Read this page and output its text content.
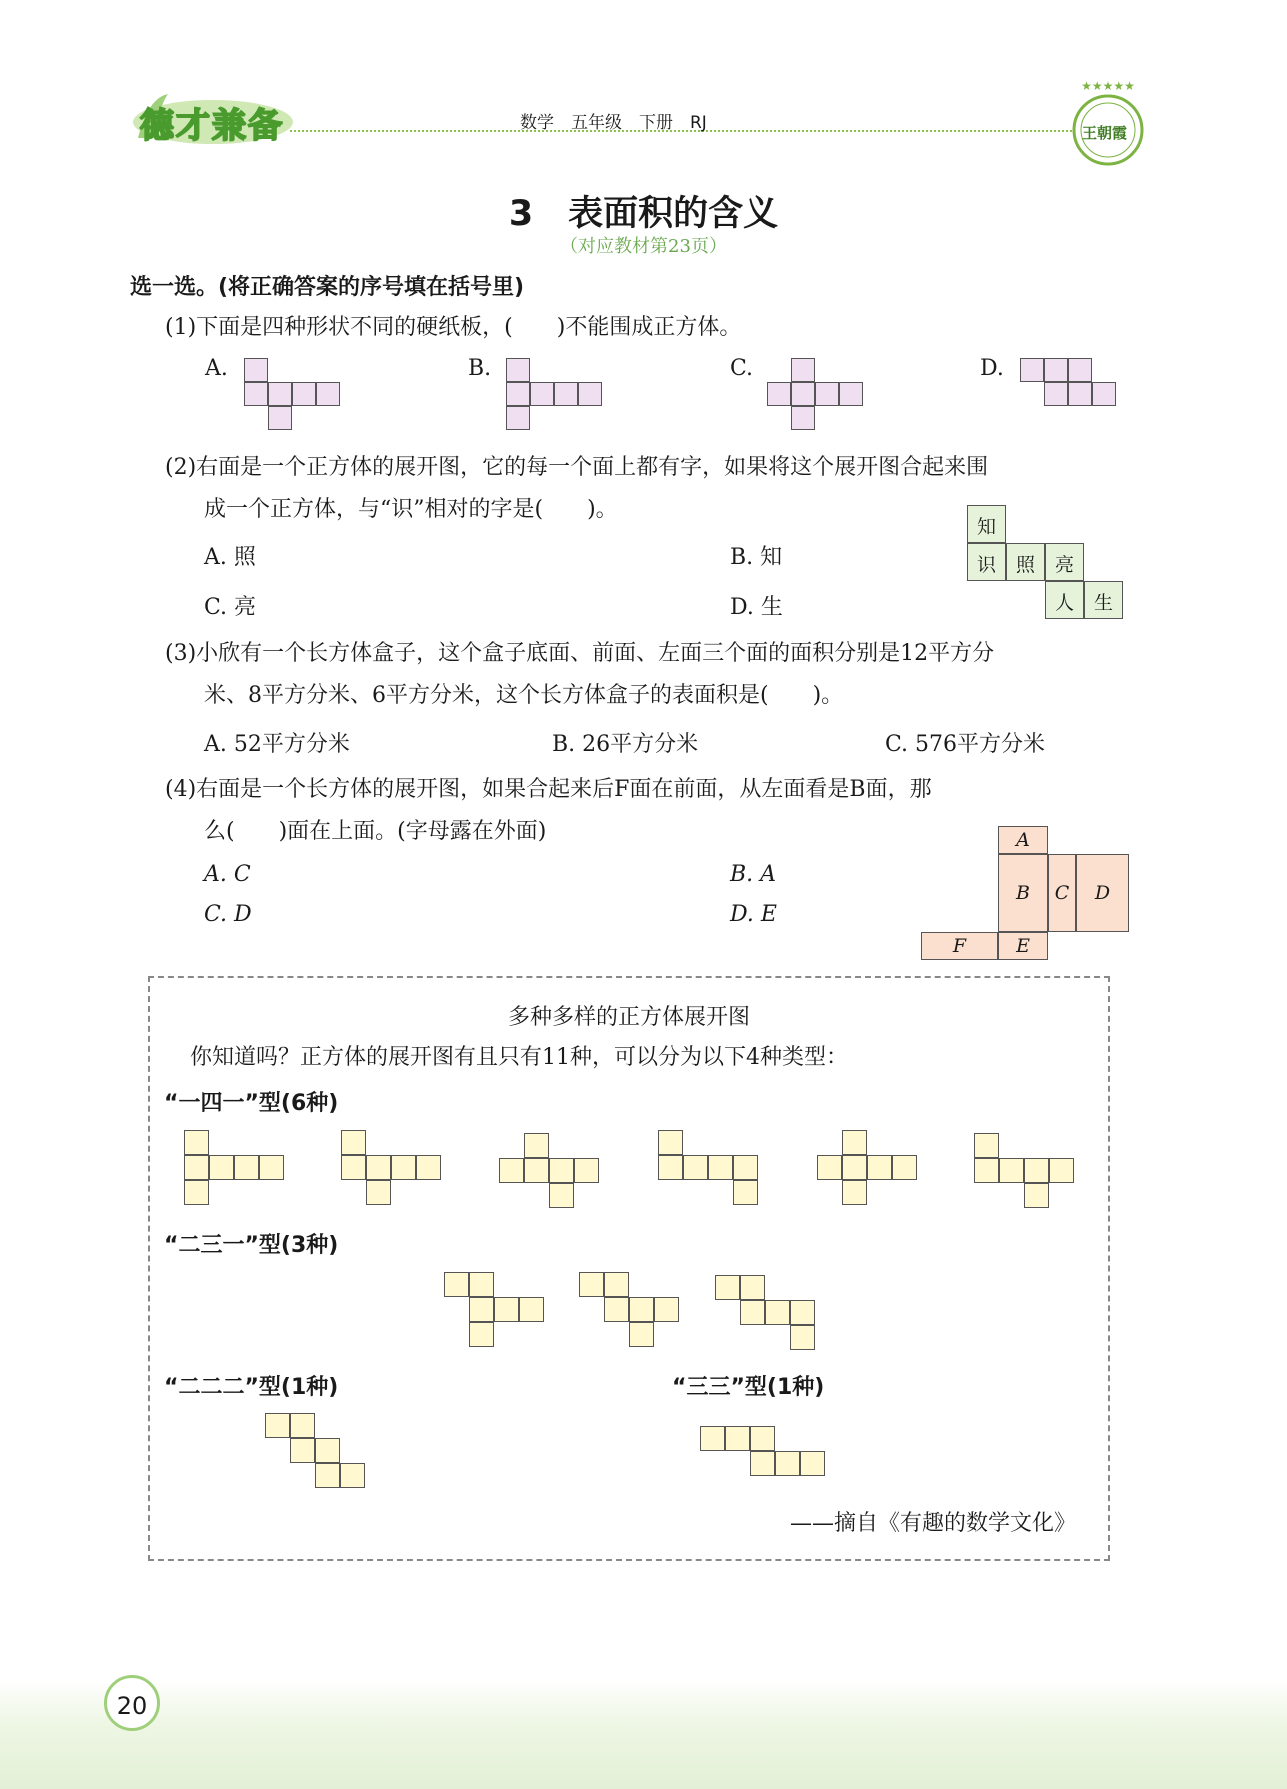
德才兼备	数学　五年级　下册　RJ
★★★★★
王朝霞
3　表面积的含义
（对应教材第23页）
选一选。(将正确答案的序号填在括号里)
(1)下面是四种形状不同的硬纸板，(　　)不能围成正方体。
A.	B.	C.	D.
(2)右面是一个正方体的展开图，它的每一个面上都有字，如果将这个展开图合起来围
成一个正方体，与“识”相对的字是(　　)。
A. 照	B. 知
C. 亮	D. 生
知
识	照	亮
人	生
(3)小欣有一个长方体盒子，这个盒子底面、前面、左面三个面的面积分别是12平方分
米、8平方分米、6平方分米，这个长方体盒子的表面积是(　　)。
A. 52平方分米	B. 26平方分米	C. 576平方分米
(4)右面是一个长方体的展开图，如果合起来后F面在前面，从左面看是B面，那
么(　　)面在上面。(字母露在外面)
A. C	B. A
C. D	D. E
A
B	C	D
F	E
多种多样的正方体展开图
你知道吗？正方体的展开图有且只有11种，可以分为以下4种类型：
“一四一”型(6种)
“二三一”型(3种)
“二二二”型(1种)	“三三”型(1种)
——摘自《有趣的数学文化》
20
